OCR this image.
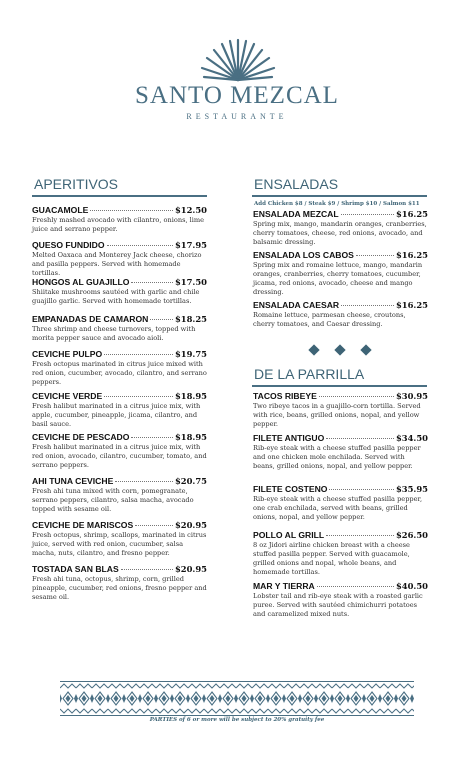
SANTO MEZCAL
RESTAURANTE
APERITIVOS
GUACAMOLE	$12.50
Freshly mashed avocado with cilantro, onions, lime juice and serrano pepper.
QUESO FUNDIDO	$17.95
Melted Oaxaca and Monterey Jack cheese, chorizo and pasilla peppers. Served with homemade tortillas.
HONGOS AL GUAJILLO	$17.50
Shiitake mushrooms sautéed with garlic and chile guajillo garlic. Served with homemade tortillas.
EMPANADAS DE CAMARON	$18.25
Three shrimp and cheese turnovers, topped with morita pepper sauce and avocado aioli.
CEVICHE PULPO	$19.75
Fresh octopus marinated in citrus juice mixed with red onion, cucumber, avocado, cilantro, and serrano peppers.
CEVICHE VERDE	$18.95
Fresh halibut marinated in a citrus juice mix, with apple, cucumber, pineapple, jicama, cilantro, and basil sauce.
CEVICHE DE PESCADO	$18.95
Fresh halibut marinated in a citrus juice mix, with red onion, avocado, cilantro, cucumber, tomato, and serrano peppers.
AHI TUNA CEVICHE	$20.75
Fresh ahi tuna mixed with corn, pomegranate, serrano peppers, cilantro, salsa macha, avocado topped with sesame oil.
CEVICHE DE MARISCOS	$20.95
Fresh octopus, shrimp, scallops, marinated in citrus juice, served with red onion, cucumber, salsa macha, nuts, cilantro, and fresno pepper.
TOSTADA SAN BLAS	$20.95
Fresh ahi tuna, octopus, shrimp, corn, grilled pineapple, cucumber, red onions, fresno pepper and sesame oil.
ENSALADAS
Add Chicken $8 / Steak $9 / Shrimp $10 / Salmon $11
ENSALADA MEZCAL	$16.25
Spring mix, mango, mandarin oranges, cranberries, cherry tomatoes, cheese, red onions, avocado, and balsamic dressing.
ENSALADA LOS CABOS	$16.25
Spring mix and romaine lettuce, mango, mandarin oranges, cranberries, cherry tomatoes, cucumber, jicama, red onions, avocado, cheese and mango dressing.
ENSALADA CAESAR	$16.25
Romaine lettuce, parmesan cheese, croutons, cherry tomatoes, and Caesar dressing.
DE LA PARRILLA
TACOS RIBEYE	$30.95
Two ribeye tacos in a guajillo-corn tortilla. Served with rice, beans, grilled onions, nopal, and yellow pepper.
FILETE ANTIGUO	$34.50
Rib-eye steak with a cheese stuffed pasilla pepper and one chicken mole enchilada. Served with beans, grilled onions, nopal, and yellow pepper.
FILETE COSTENO	$35.95
Rib-eye steak with a cheese stuffed pasilla pepper, one crab enchilada, served with beans, grilled onions, nopal, and yellow pepper.
POLLO AL GRILL	$26.50
8 oz Jidori airline chicken breast with a cheese stuffed pasilla pepper. Served with guacamole, grilled onions and nopal, whole beans, and homemade tortillas.
MAR Y TIERRA	$40.50
Lobster tail and rib-eye steak with a roasted garlic puree. Served with sautéed chimichurri potatoes and caramelized mixed nuts.
PARTIES of 6 or more will be subject to 20% gratuity fee
